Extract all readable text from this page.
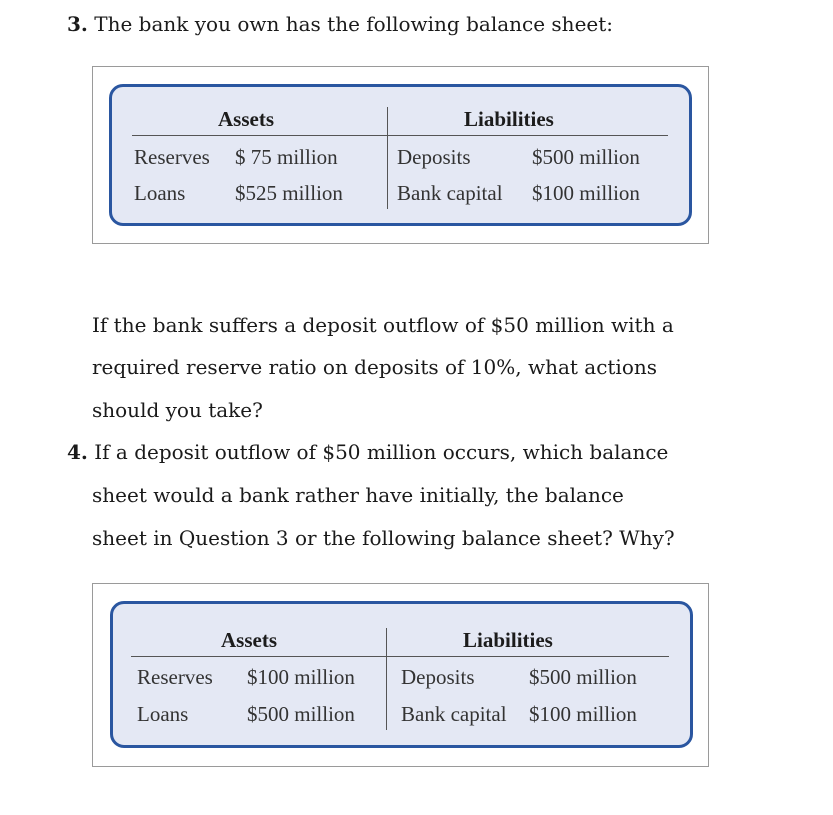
3. The bank you own has the following balance sheet:
Assets	Liabilities
Reserves $ 75 million	Deposits	$500 million
Loans $525 million	Bank capital $100 million
If the bank suffers a deposit outflow of $50 million with a
required reserve ratio on deposits of 10%, what actions
should you take?
4. If a deposit outflow of $50 million occurs, which balance
sheet would a bank rather have initially, the balance
sheet in Question 3 or the following balance sheet? Why?
Assets	Liabilities
Reserves $100 million Deposits	$500 million
Loans	$500 million Bank capital $100 million
